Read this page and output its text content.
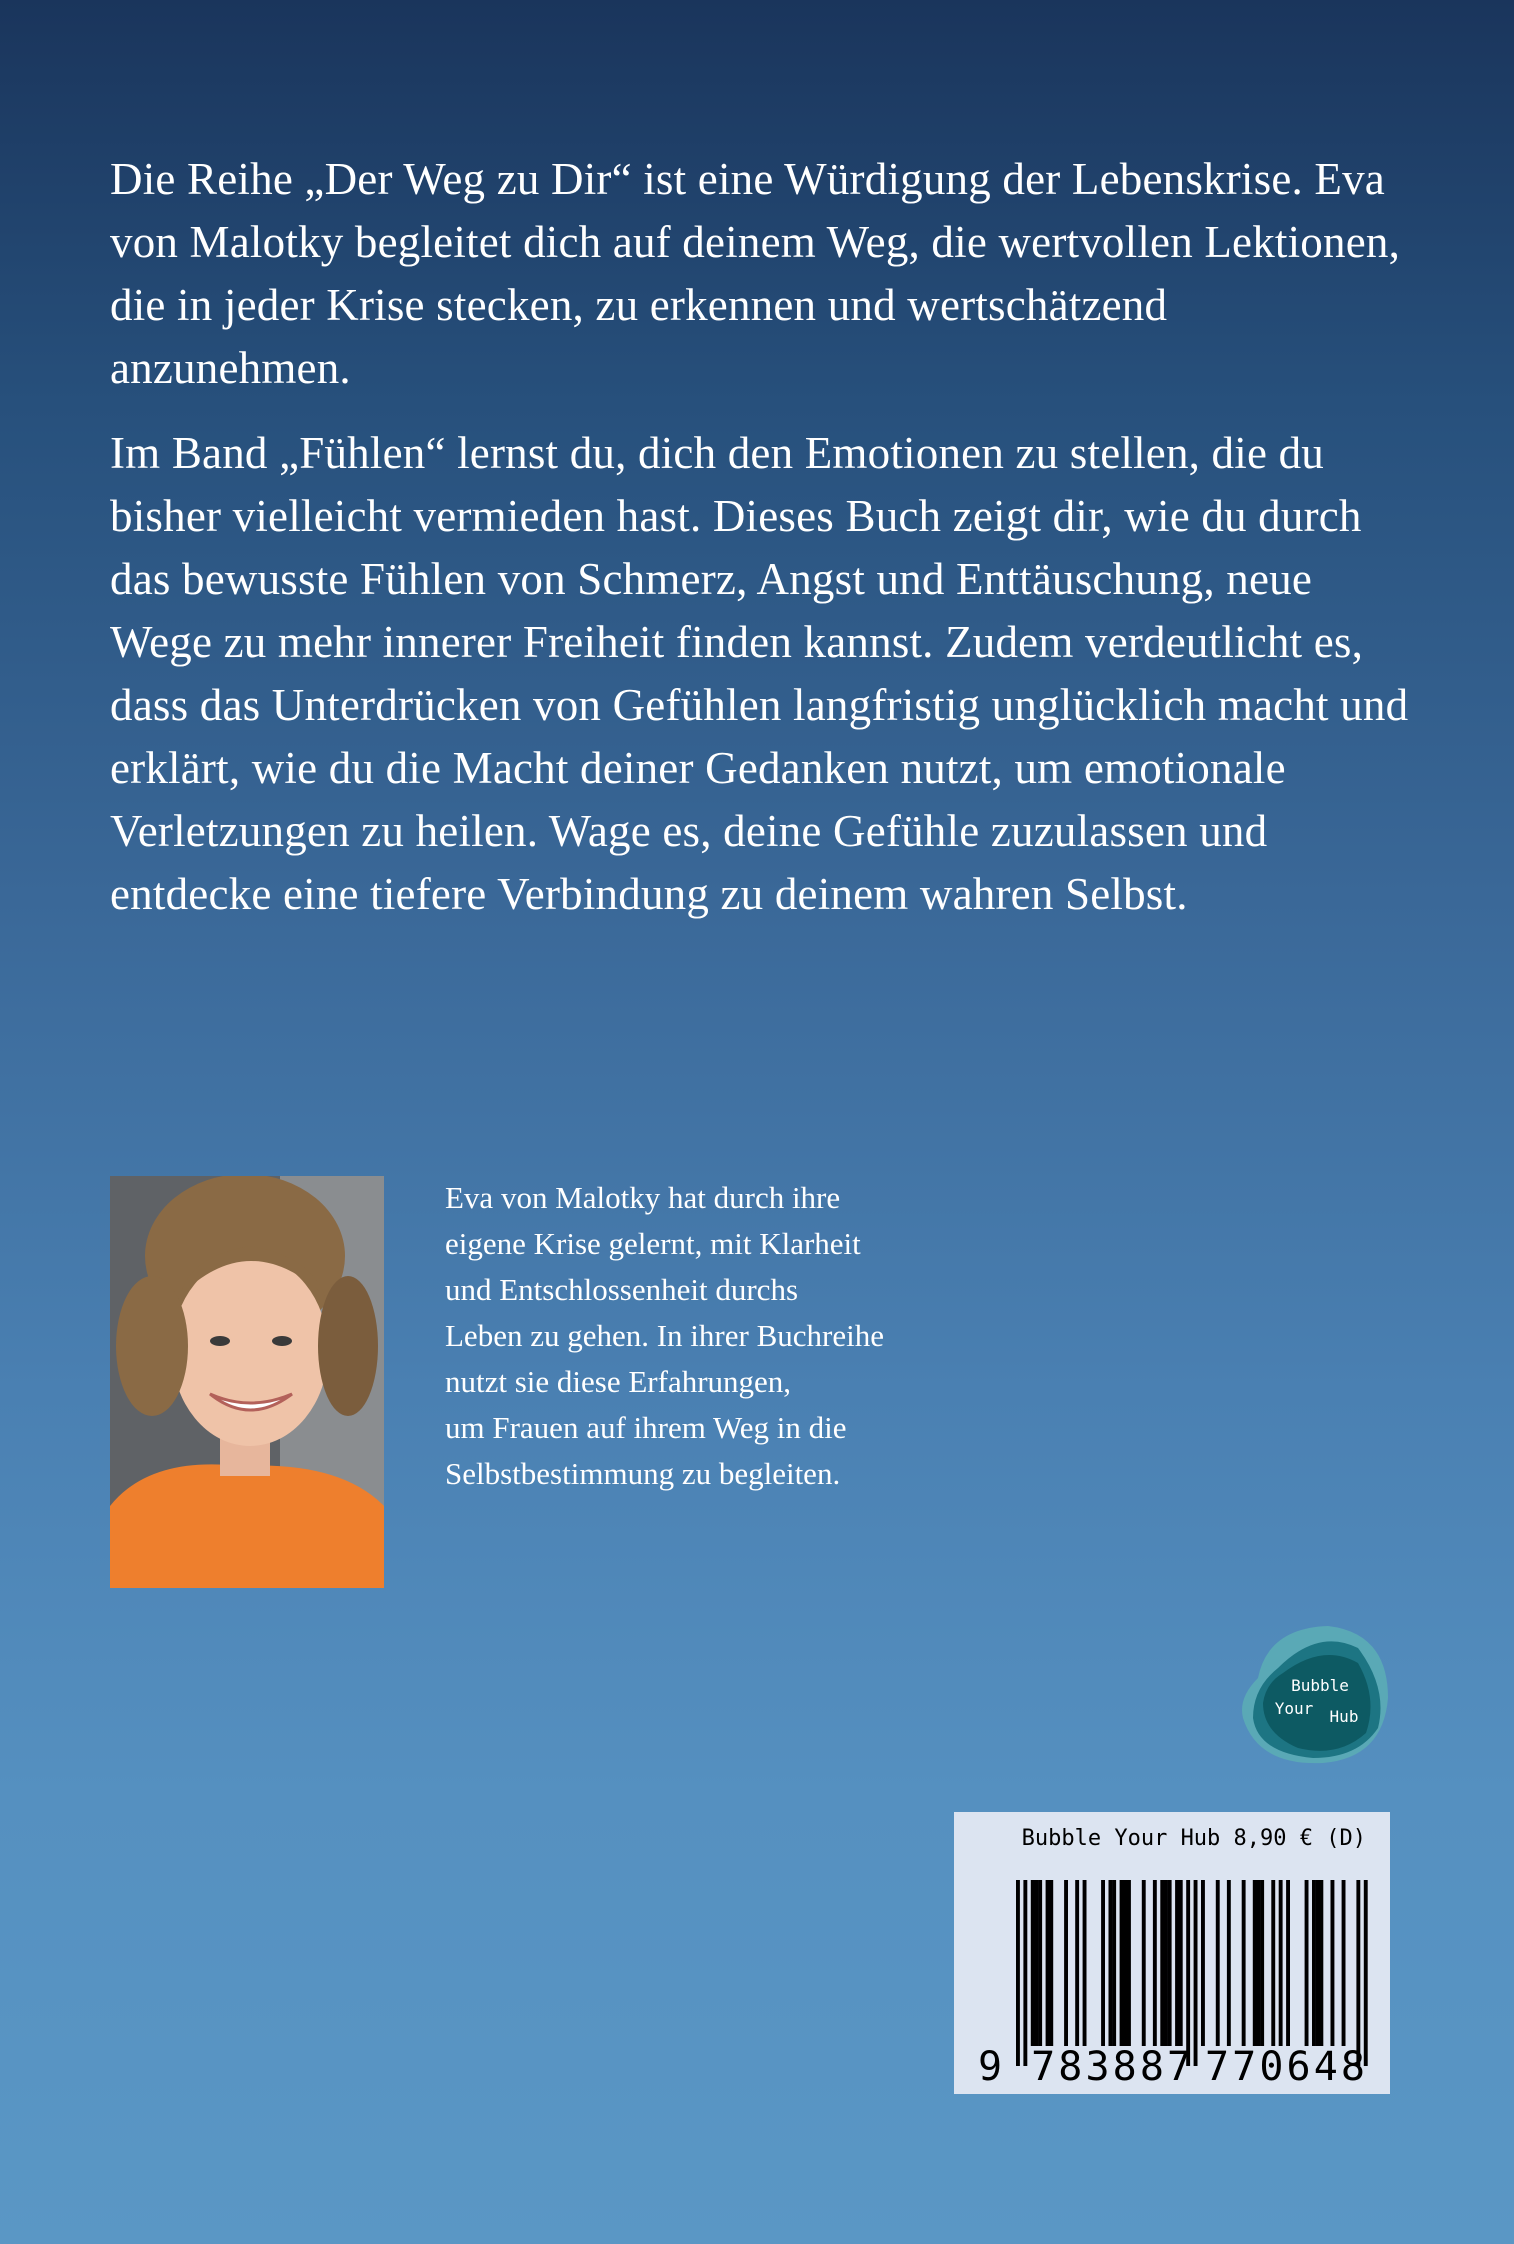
Die Reihe „Der Weg zu Dir“ ist eine Würdigung der Lebenskrise. Eva von Malotky begleitet dich auf deinem Weg, die wertvollen Lektionen, die in jeder Krise stecken, zu erkennen und wertschätzend anzunehmen.

Im Band „Fühlen“ lernst du, dich den Emotionen zu stellen, die du bisher vielleicht vermieden hast. Dieses Buch zeigt dir, wie du durch das bewusste Fühlen von Schmerz, Angst und Enttäuschung, neue Wege zu mehr innerer Freiheit finden kannst. Zudem verdeutlicht es, dass das Unterdrücken von Gefühlen langfristig unglücklich macht und erklärt, wie du die Macht deiner Gedanken nutzt, um emotionale Verletzungen zu heilen. Wage es, deine Gefühle zuzulassen und entdecke eine tiefere Verbindung zu deinem wahren Selbst.

Eva von Malotky hat durch ihre
eigene Krise gelernt, mit Klarheit
und Entschlossenheit durchs
Leben zu gehen. In ihrer Buchreihe
nutzt sie diese Erfahrungen,
um Frauen auf ihrem Weg in die
Selbstbestimmung zu begleiten.
Bubble
Your Hub
Bubble Your Hub 8,90 € (D)
9 783887 770648
